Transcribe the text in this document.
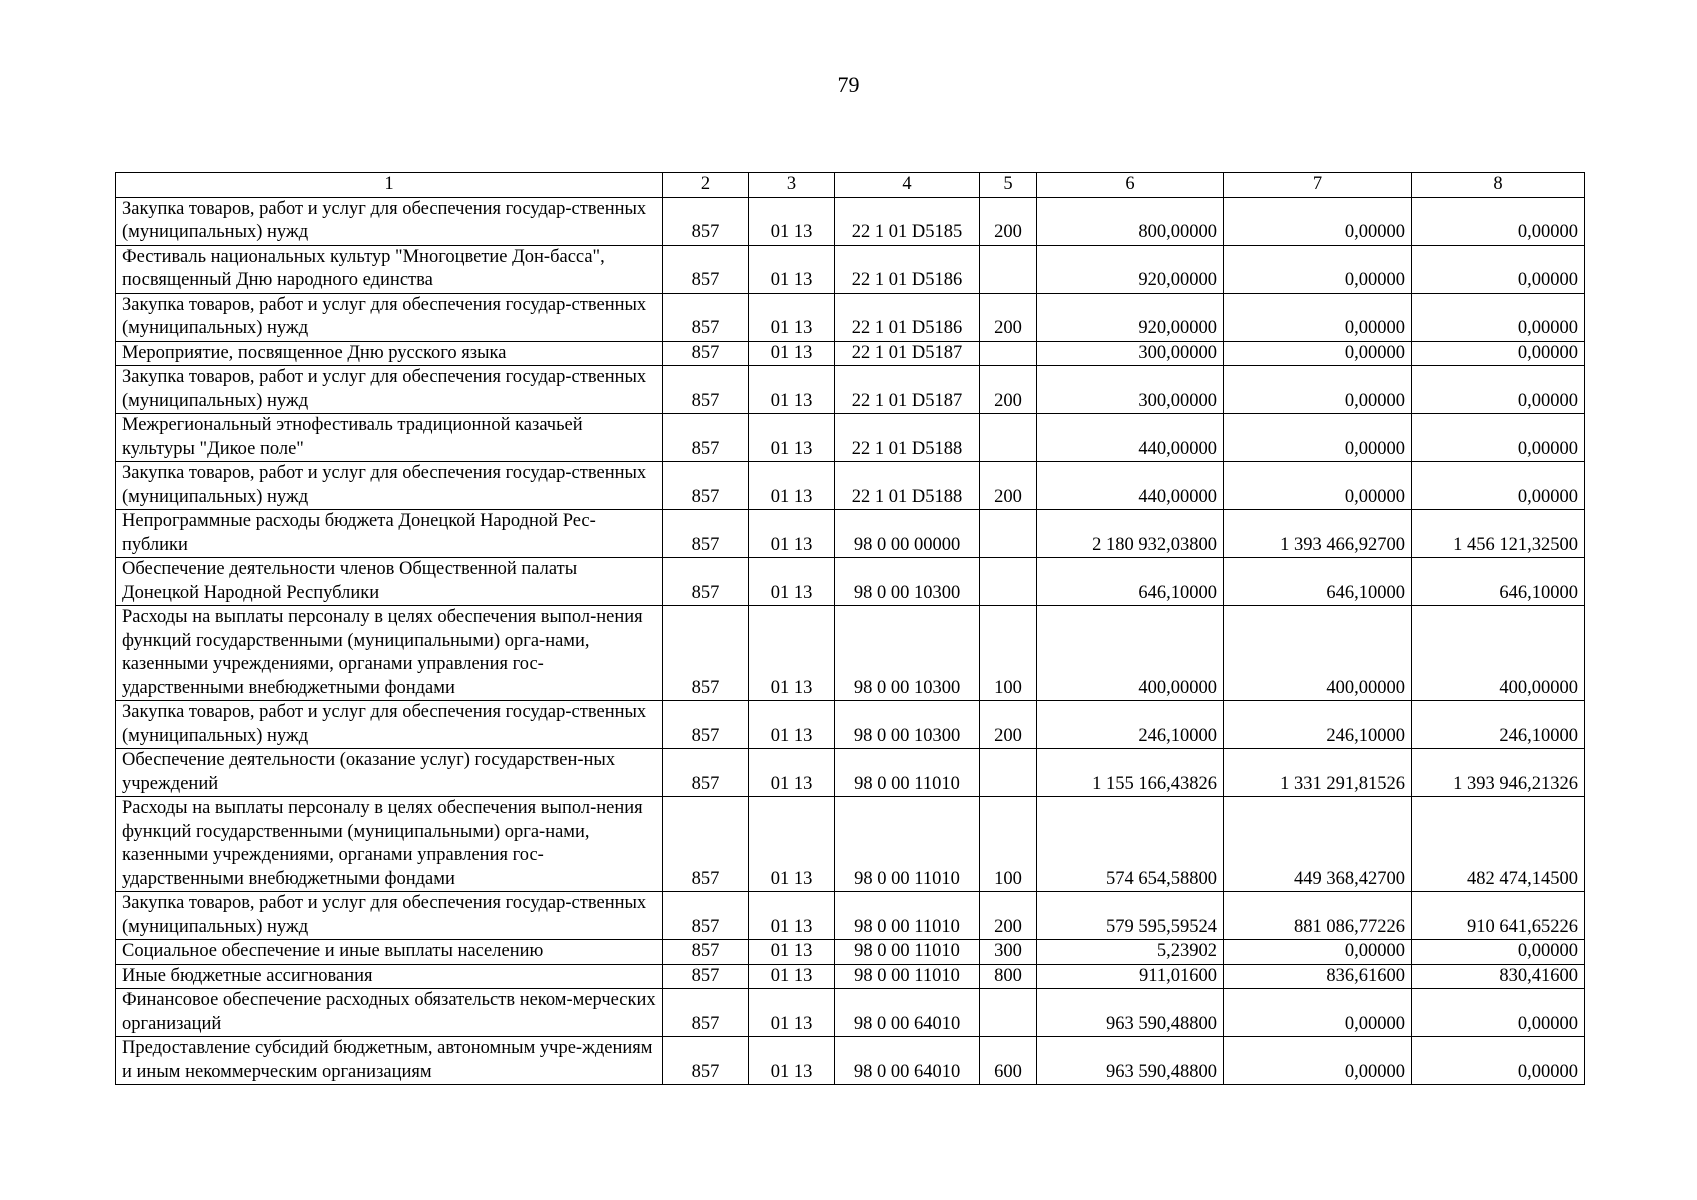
79
1	2	3	4	5	6	7	8
Закупка товаров, работ и услуг для обеспечения государ-ственных (муниципальных) нужд	857	01 13	22 1 01 D5185	200	800,00000	0,00000	0,00000
Фестиваль национальных культур "Многоцветие Дон-басса", посвященный Дню народного единства	857	01 13	22 1 01 D5186		920,00000	0,00000	0,00000
Закупка товаров, работ и услуг для обеспечения государ-ственных (муниципальных) нужд	857	01 13	22 1 01 D5186	200	920,00000	0,00000	0,00000
Мероприятие, посвященное Дню русского языка	857	01 13	22 1 01 D5187		300,00000	0,00000	0,00000
Закупка товаров, работ и услуг для обеспечения государ-ственных (муниципальных) нужд	857	01 13	22 1 01 D5187	200	300,00000	0,00000	0,00000
Межрегиональный этнофестиваль традиционной казачьей культуры "Дикое поле"	857	01 13	22 1 01 D5188		440,00000	0,00000	0,00000
Закупка товаров, работ и услуг для обеспечения государ-ственных (муниципальных) нужд	857	01 13	22 1 01 D5188	200	440,00000	0,00000	0,00000
Непрограммные расходы бюджета Донецкой Народной Рес-публики	857	01 13	98 0 00 00000		2 180 932,03800	1 393 466,92700	1 456 121,32500
Обеспечение деятельности членов Общественной палаты Донецкой Народной Республики	857	01 13	98 0 00 10300		646,10000	646,10000	646,10000
Расходы на выплаты персоналу в целях обеспечения выпол-нения функций государственными (муниципальными) орга-нами, казенными учреждениями, органами управления гос-ударственными внебюджетными фондами	857	01 13	98 0 00 10300	100	400,00000	400,00000	400,00000
Закупка товаров, работ и услуг для обеспечения государ-ственных (муниципальных) нужд	857	01 13	98 0 00 10300	200	246,10000	246,10000	246,10000
Обеспечение деятельности (оказание услуг) государствен-ных учреждений	857	01 13	98 0 00 11010		1 155 166,43826	1 331 291,81526	1 393 946,21326
Расходы на выплаты персоналу в целях обеспечения выпол-нения функций государственными (муниципальными) орга-нами, казенными учреждениями, органами управления гос-ударственными внебюджетными фондами	857	01 13	98 0 00 11010	100	574 654,58800	449 368,42700	482 474,14500
Закупка товаров, работ и услуг для обеспечения государ-ственных (муниципальных) нужд	857	01 13	98 0 00 11010	200	579 595,59524	881 086,77226	910 641,65226
Социальное обеспечение и иные выплаты населению	857	01 13	98 0 00 11010	300	5,23902	0,00000	0,00000
Иные бюджетные ассигнования	857	01 13	98 0 00 11010	800	911,01600	836,61600	830,41600
Финансовое обеспечение расходных обязательств неком-мерческих организаций	857	01 13	98 0 00 64010		963 590,48800	0,00000	0,00000
Предоставление субсидий бюджетным, автономным учре-ждениям и иным некоммерческим организациям	857	01 13	98 0 00 64010	600	963 590,48800	0,00000	0,00000
